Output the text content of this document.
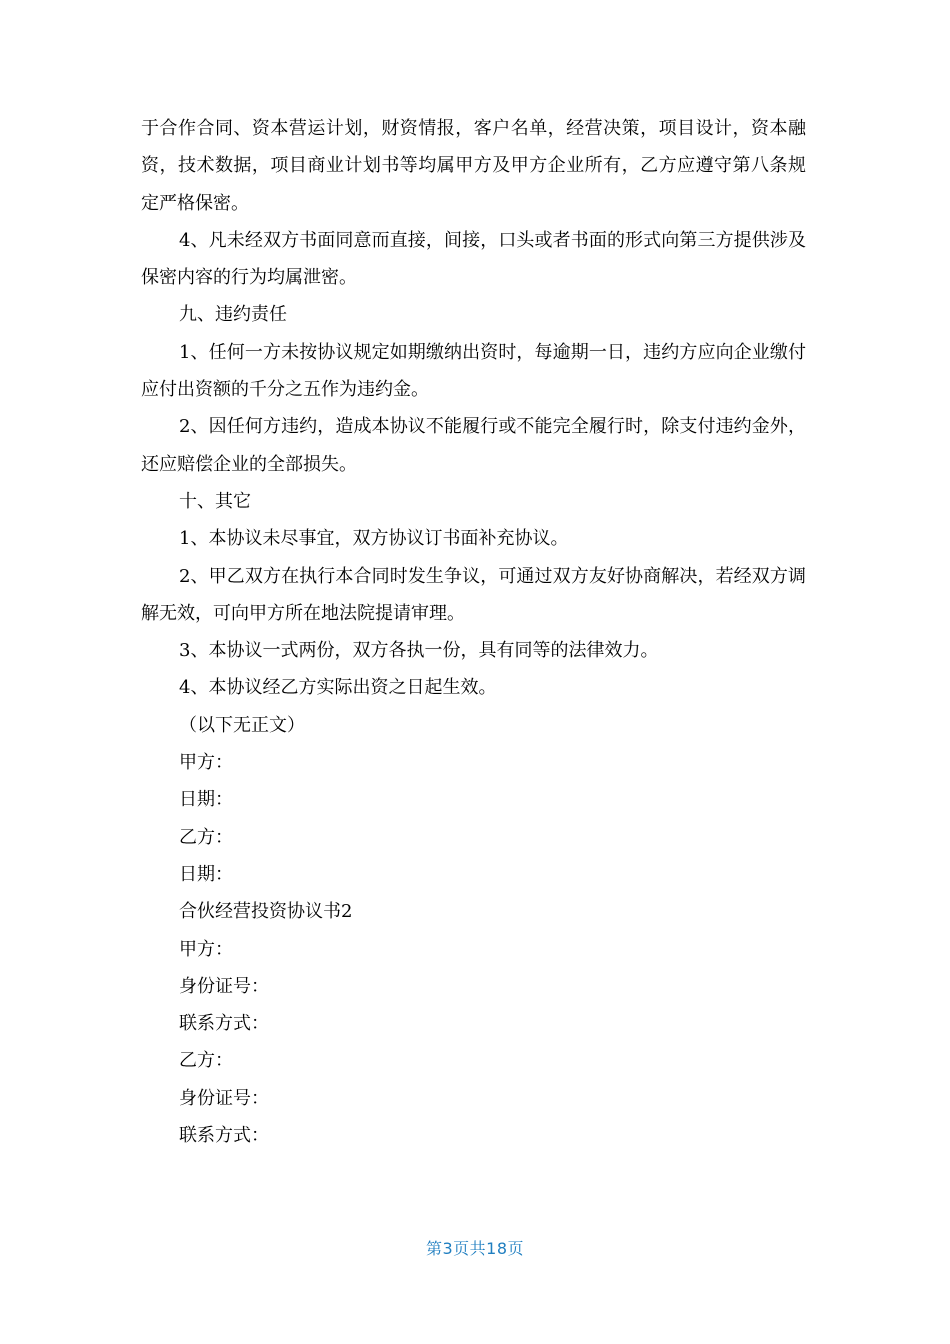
于合作合同、资本营运计划，财资情报，客户名单，经营决策，项目设计，资本融资，技术数据，项目商业计划书等均属甲方及甲方企业所有，乙方应遵守第八条规定严格保密。

4、凡未经双方书面同意而直接，间接，口头或者书面的形式向第三方提供涉及保密内容的行为均属泄密。

九、违约责任

1、任何一方未按协议规定如期缴纳出资时，每逾期一日，违约方应向企业缴付应付出资额的千分之五作为违约金。

2、因任何方违约，造成本协议不能履行或不能完全履行时，除支付违约金外，还应赔偿企业的全部损失。

十、其它

1、本协议未尽事宜，双方协议订书面补充协议。

2、甲乙双方在执行本合同时发生争议，可通过双方友好协商解决，若经双方调解无效，可向甲方所在地法院提请审理。

3、本协议一式两份，双方各执一份，具有同等的法律效力。

4、本协议经乙方实际出资之日起生效。

（以下无正文）

甲方：

日期：

乙方：

日期：

合伙经营投资协议书2

甲方：

身份证号：

联系方式：

乙方：

身份证号：

联系方式：

第3页共18页
